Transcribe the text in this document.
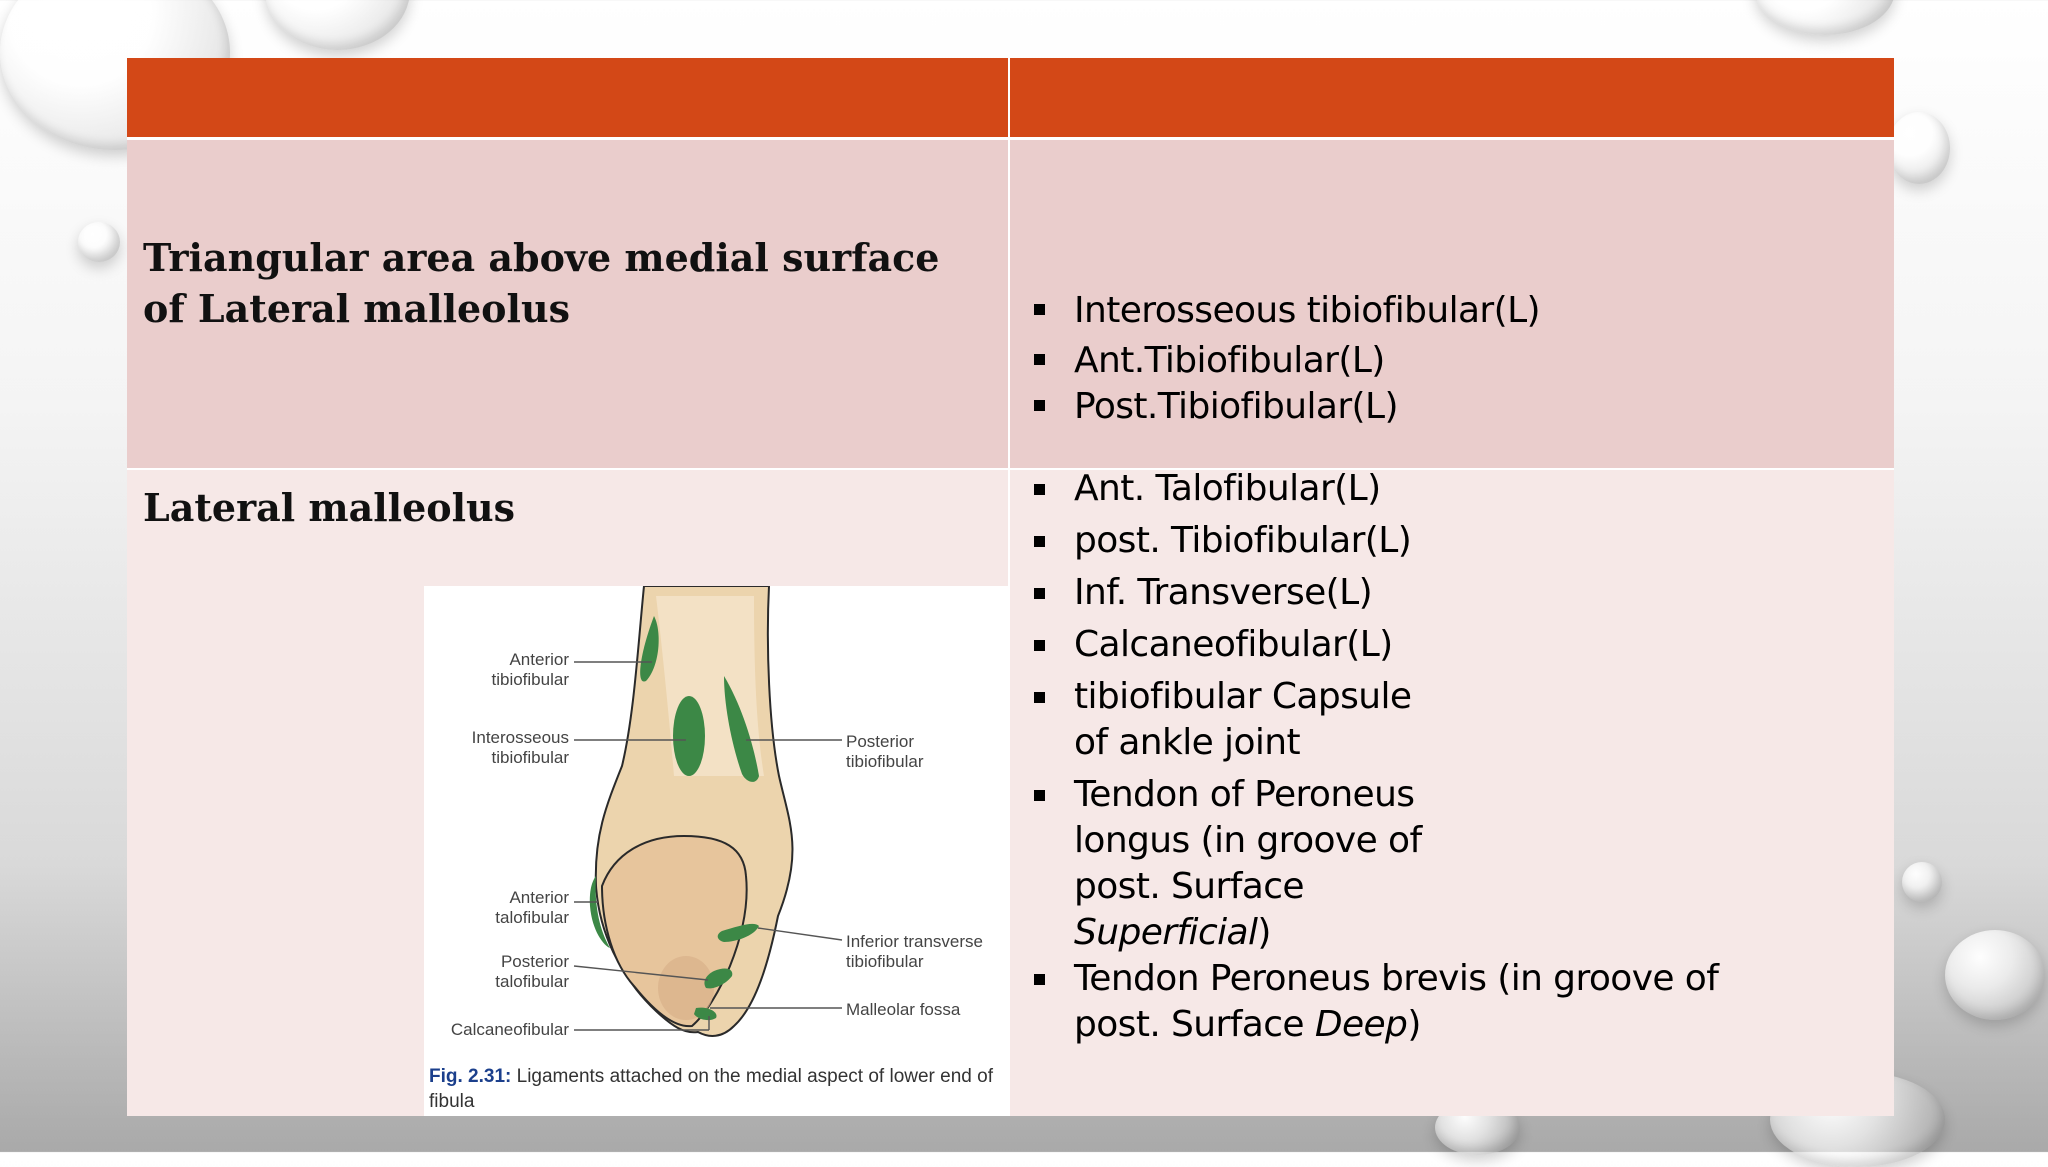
Triangular area above medial surface of Lateral malleolus	Interosseous tibiofibular(L)
Ant.Tibiofibular(L)
Post.Tibiofibular(L)

Lateral malleolus

Anterior
tibiofibular
Interosseous
tibiofibular
Posterior
tibiofibular
Anterior
talofibular
Inferior transverse
tibiofibular
Posterior
talofibular
Malleolar fossa
Calcaneofibular
Fig. 2.31: Ligaments attached on the medial aspect of lower end of fibula
Ant. Talofibular(L)
post. Tibiofibular(L)
Inf. Transverse(L)
Calcaneofibular(L)
tibiofibular Capsule of ankle joint
Tendon of Peroneus longus (in groove of post. Surface Superficial)
Tendon Peroneus brevis (in groove of post. Surface Deep)
